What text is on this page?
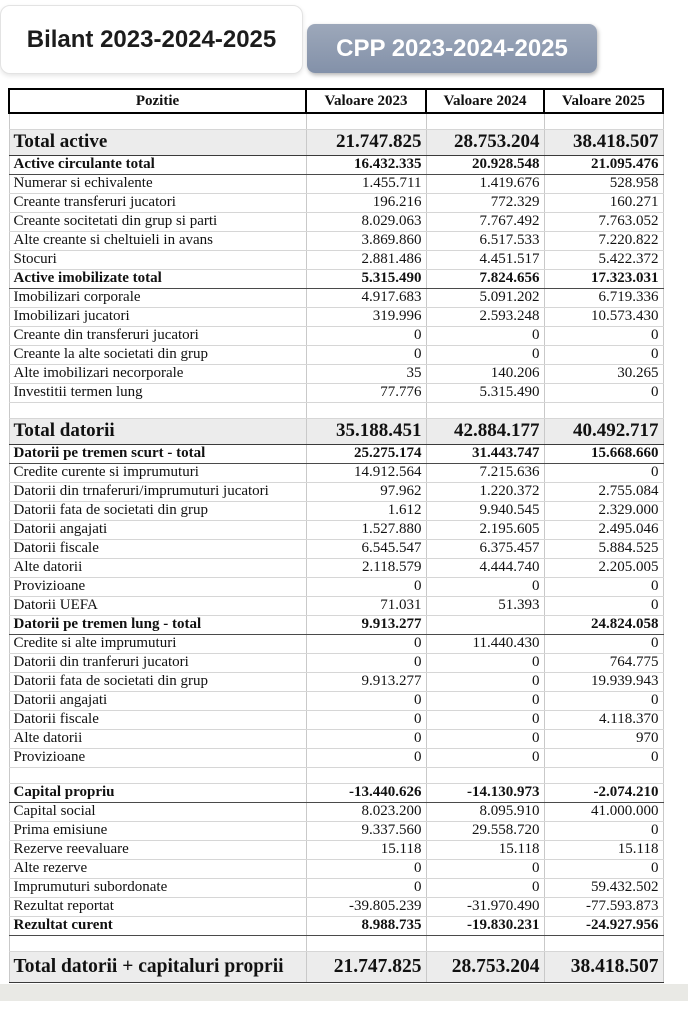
Bilant 2023-2024-2025 CPP 2023-2024-2025
Pozitie	Valoare 2023	Valoare 2024	Valoare 2025

Total active	21.747.825	28.753.204	38.418.507
Active circulante total	16.432.335	20.928.548	21.095.476
Numerar si echivalente	1.455.711	1.419.676	528.958
Creante transferuri jucatori	196.216	772.329	160.271
Creante socitetati din grup si parti	8.029.063	7.767.492	7.763.052
Alte creante si cheltuieli in avans	3.869.860	6.517.533	7.220.822
Stocuri	2.881.486	4.451.517	5.422.372
Active imobilizate total	5.315.490	7.824.656	17.323.031
Imobilizari corporale	4.917.683	5.091.202	6.719.336
Imobilizari jucatori	319.996	2.593.248	10.573.430
Creante din transferuri jucatori	0	0	0
Creante la alte societati din grup	0	0	0
Alte imobilizari necorporale	35	140.206	30.265
Investitii termen lung	77.776	5.315.490	0

Total datorii	35.188.451	42.884.177	40.492.717
Datorii pe tremen scurt - total	25.275.174	31.443.747	15.668.660
Credite curente si imprumuturi	14.912.564	7.215.636	0
Datorii din trnaferuri/imprumuturi jucatori	97.962	1.220.372	2.755.084
Datorii fata de societati din grup	1.612	9.940.545	2.329.000
Datorii angajati	1.527.880	2.195.605	2.495.046
Datorii fiscale	6.545.547	6.375.457	5.884.525
Alte datorii	2.118.579	4.444.740	2.205.005
Provizioane	0	0	0
Datorii UEFA	71.031	51.393	0
Datorii pe tremen lung - total	9.913.277		24.824.058
Credite si alte imprumuturi	0	11.440.430	0
Datorii din tranferuri jucatori	0	0	764.775
Datorii fata de societati din grup	9.913.277	0	19.939.943
Datorii angajati	0	0	0
Datorii fiscale	0	0	4.118.370
Alte datorii	0	0	970
Provizioane	0	0	0

Capital propriu	-13.440.626	-14.130.973	-2.074.210
Capital social	8.023.200	8.095.910	41.000.000
Prima emisiune	9.337.560	29.558.720	0
Rezerve reevaluare	15.118	15.118	15.118
Alte rezerve	0	0	0
Imprumuturi subordonate	0	0	59.432.502
Rezultat reportat	-39.805.239	-31.970.490	-77.593.873
Rezultat curent	8.988.735	-19.830.231	-24.927.956

Total datorii + capitaluri proprii	21.747.825	28.753.204	38.418.507
